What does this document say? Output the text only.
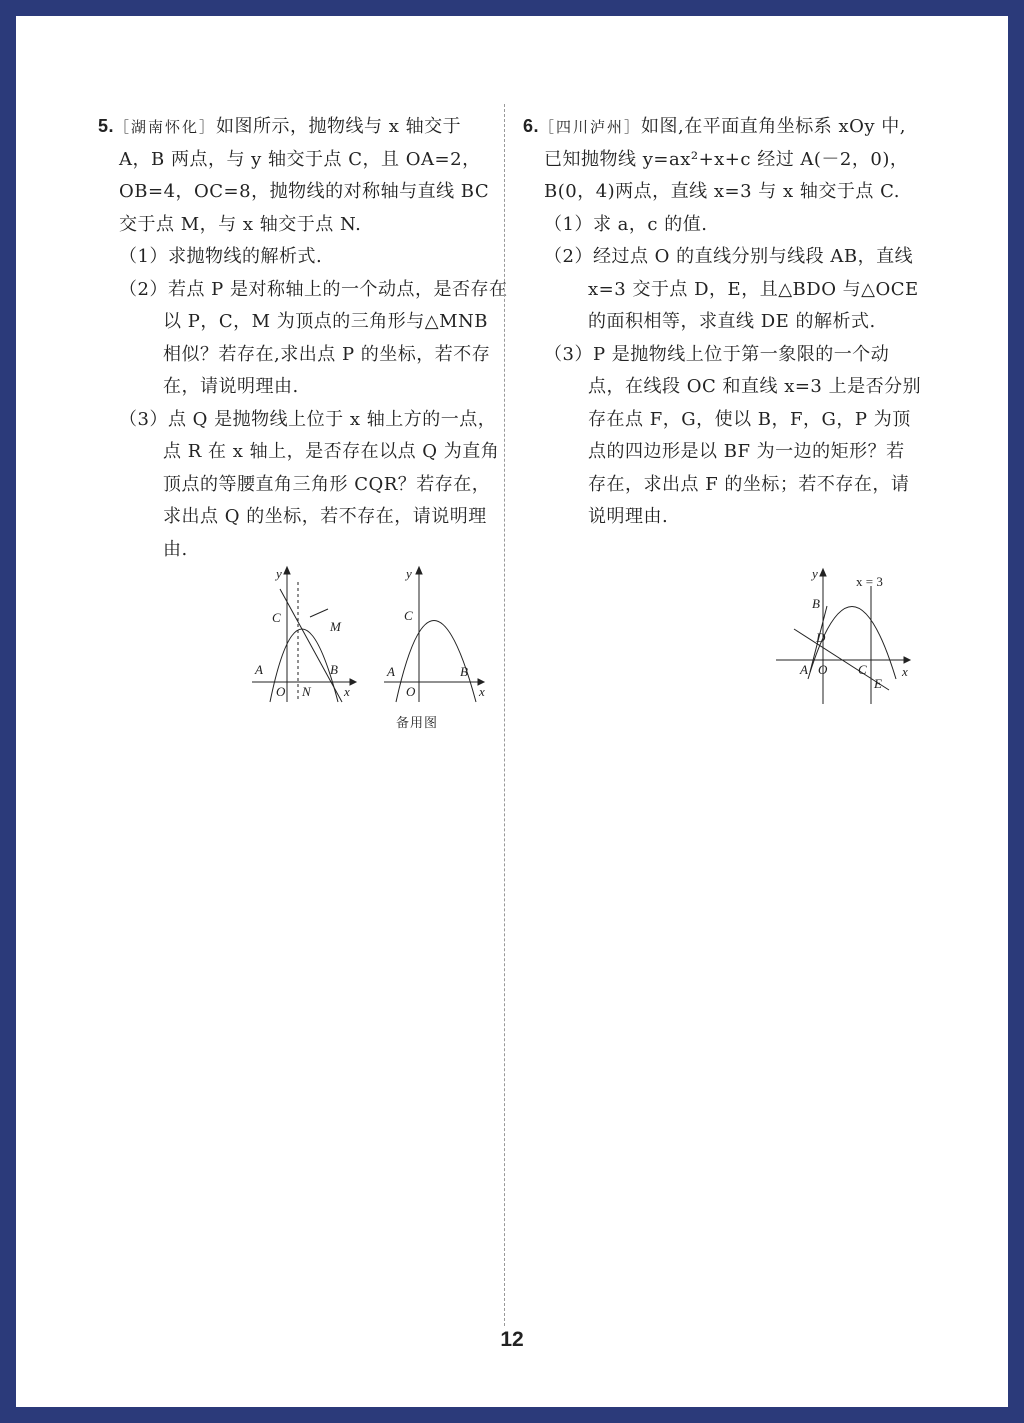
5.［湖南怀化］如图所示，抛物线与 x 轴交于

A，B 两点，与 y 轴交于点 C，且 OA=2，

OB=4，OC=8，抛物线的对称轴与直线 BC

交于点 M，与 x 轴交于点 N.

（1）求抛物线的解析式.

（2）若点 P 是对称轴上的一个动点，是否存在以 P，C，M 为顶点的三角形与△MNB 相似？若存在,求出点 P 的坐标，若不存在，请说明理由.

（3）点 Q 是抛物线上位于 x 轴上方的一点，点 R 在 x 轴上，是否存在以点 Q 为直角顶点的等腰直角三角形 CQR？若存在，求出点 Q 的坐标，若不存在，请说明理由.

6.［四川泸州］如图,在平面直角坐标系 xOy 中,

已知抛物线 y=ax²+x+c 经过 A(－2，0)，

B(0，4)两点，直线 x=3 与 x 轴交于点 C.

（1）求 a，c 的值.

（2）经过点 O 的直线分别与线段 AB，直线 x=3 交于点 D，E，且△BDO 与△OCE 的面积相等，求直线 DE 的解析式.

（3）P 是抛物线上位于第一象限的一个动点，在线段 OC 和直线 x=3 上是否分别存在点 F，G，使以 B，F，G，P 为顶点的四边形是以 BF 为一边的矩形？若存在，求出点 F 的坐标；若不存在，请说明理由.

y
C
M
A
O N
B
x
y
C
A
O
B
x
备用图
y
x = 3
B
D
A O C
E
x
12
